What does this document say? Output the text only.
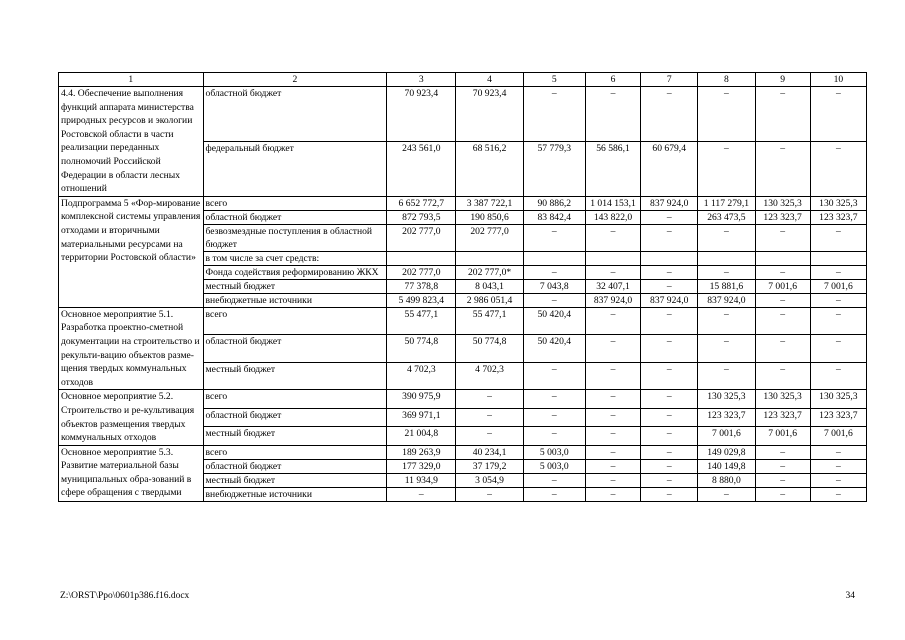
1	2	3	4	5	6	7	8	9	10
4.4. Обеспечение выполнения функций аппарата министерства природных ресурсов и экологии Ростовской области в части реализации переданных полномочий Российской Федерации в области лесных отношений	областной бюджет	70 923,4	70 923,4	–	–	–	–	–	–
	федеральный бюджет	243 561,0	68 516,2	57 779,3	56 586,1	60 679,4	–	–	–
Подпрограмма 5 «Фор-мирование комплексной системы управления отходами и вторичными материальными ресурсами на территории Ростовской области»	всего	6 652 772,7	3 387 722,1	90 886,2	1 014 153,1	837 924,0	1 117 279,1	130 325,3	130 325,3
	областной бюджет	872 793,5	190 850,6	83 842,4	143 822,0	–	263 473,5	123 323,7	123 323,7
	безвозмездные поступления в областной бюджет	202 777,0	202 777,0	–	–	–	–	–	–
	в том числе за счет средств:								
	Фонда содействия реформированию ЖКХ	202 777,0	202 777,0*	–	–	–	–	–	–
	местный бюджет	77 378,8	8 043,1	7 043,8	32 407,1	–	15 881,6	7 001,6	7 001,6
	внебюджетные источники	5 499 823,4	2 986 051,4	–	837 924,0	837 924,0	837 924,0	–	–
Основное мероприятие 5.1. Разработка проектно-сметной документации на строительство и рекульти-вацию объектов разме-щения твердых коммунальных отходов	всего	55 477,1	55 477,1	50 420,4	–	–	–	–	–
	областной бюджет	50 774,8	50 774,8	50 420,4	–	–	–	–	–
	местный бюджет	4 702,3	4 702,3	–	–	–	–	–	–
Основное мероприятие 5.2. Строительство и ре-культивация объектов размещения твердых коммунальных отходов	всего	390 975,9	–	–	–	–	130 325,3	130 325,3	130 325,3
	областной бюджет	369 971,1	–	–	–	–	123 323,7	123 323,7	123 323,7
	местный бюджет	21 004,8	–	–	–	–	7 001,6	7 001,6	7 001,6
Основное мероприятие 5.3. Развитие материальной базы муниципальных обра-зований в сфере обращения с твердыми	всего	189 263,9	40 234,1	5 003,0	–	–	149 029,8	–	–
	областной бюджет	177 329,0	37 179,2	5 003,0	–	–	140 149,8	–	–
	местный бюджет	11 934,9	3 054,9	–	–	–	8 880,0	–	–
	внебюджетные источники	–	–	–	–	–	–	–	–
Z:\ORST\Ppo\0601p386.f16.docx	34
